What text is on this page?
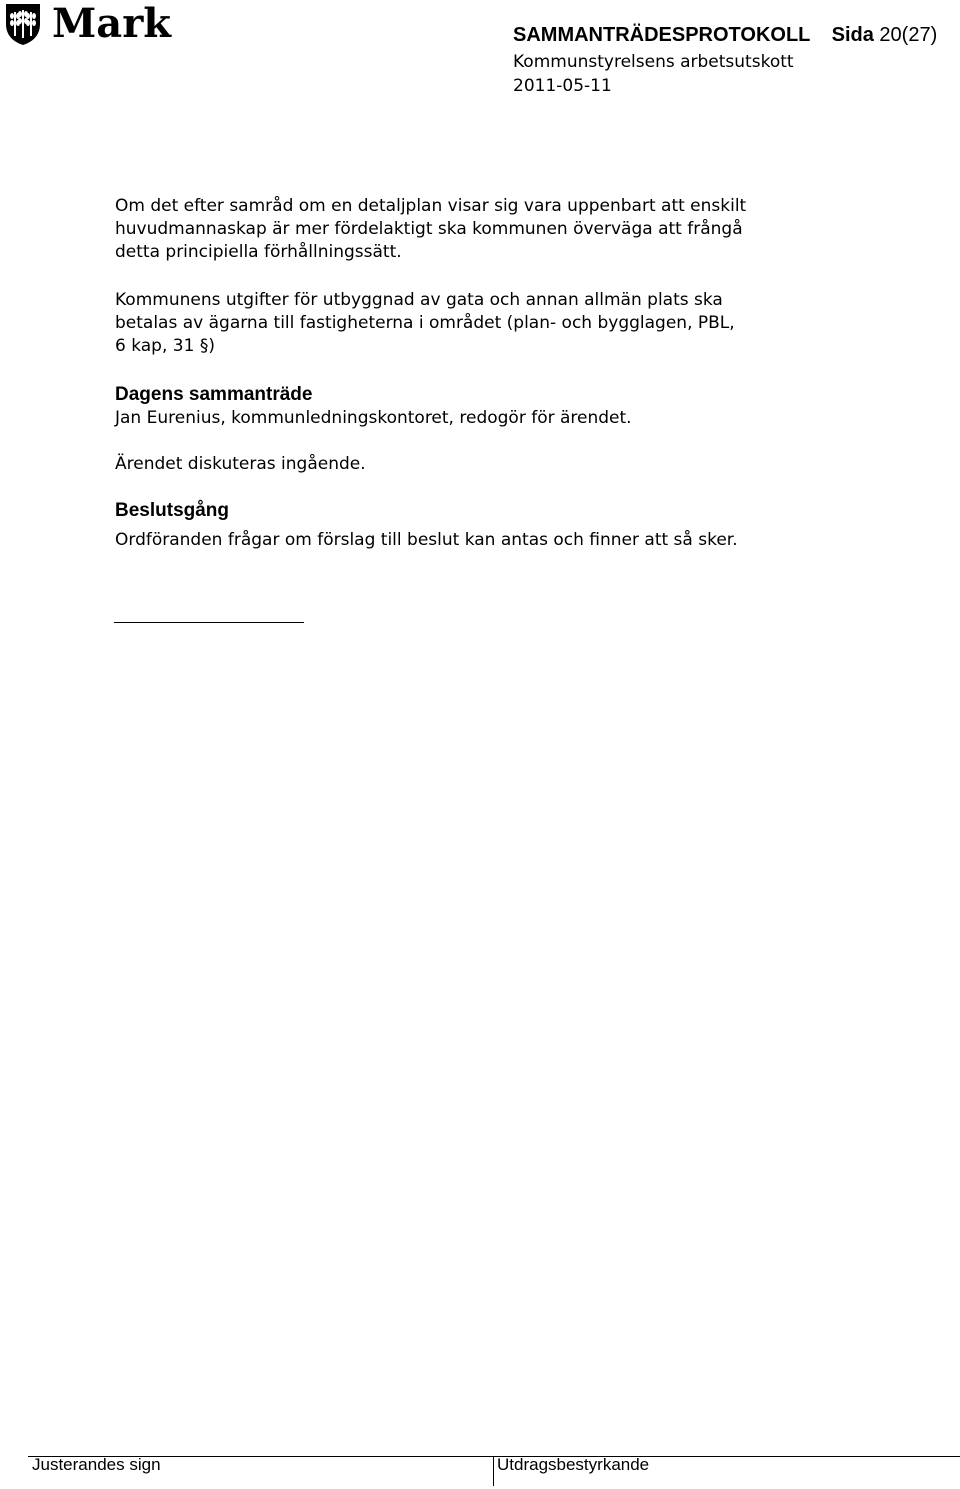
Mark	SAMMANTRÄDESPROTOKOLL Sida 20(27)
Kommunstyrelsens arbetsutskott
2011-05-11

Om det efter samråd om en detaljplan visar sig vara uppenbart att enskilt

huvudmannaskap är mer fördelaktigt ska kommunen överväga att frångå

detta principiella förhållningssätt.

Kommunens utgifter för utbyggnad av gata och annan allmän plats ska

betalas av ägarna till fastigheterna i området (plan- och bygglagen, PBL,

6 kap, 31 §)

Dagens sammanträde

Jan Eurenius, kommunledningskontoret, redogör för ärendet.

Ärendet diskuteras ingående.

Beslutsgång

Ordföranden frågar om förslag till beslut kan antas och finner att så sker.

Justerandes sign	Utdragsbestyrkande
